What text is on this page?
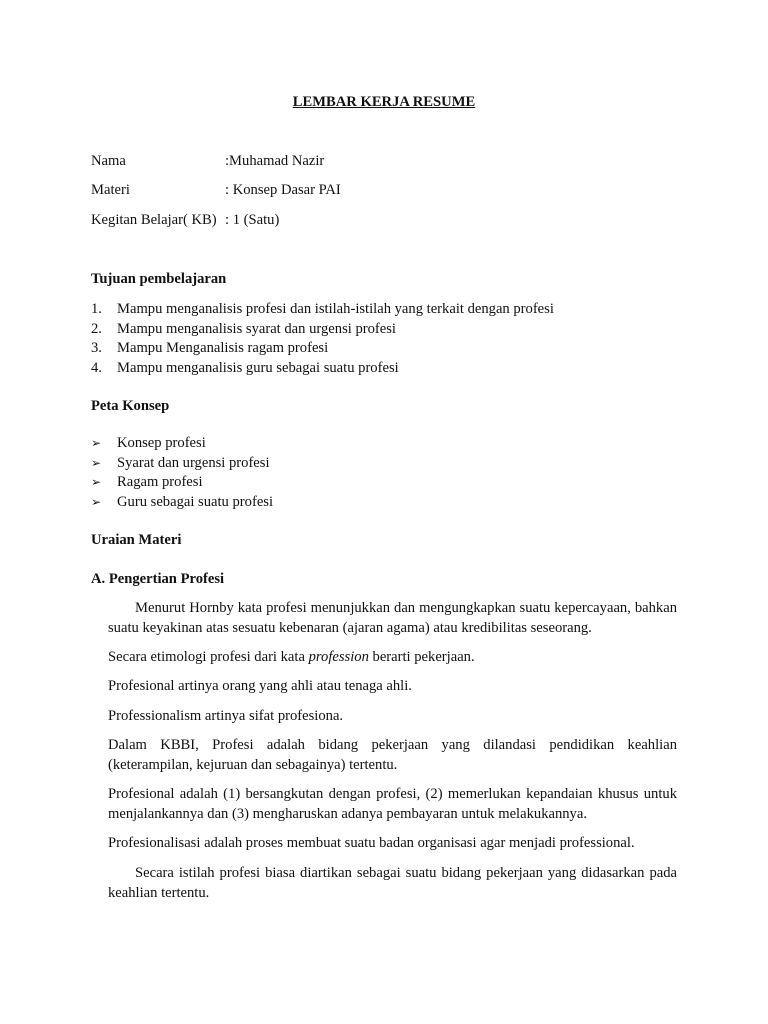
LEMBAR KERJA RESUME
Nama	:Muhamad Nazir
Materi	: Konsep Dasar PAI
Kegitan Belajar( KB) : 1 (Satu)
Tujuan pembelajaran
1. Mampu menganalisis profesi dan istilah-istilah yang terkait dengan profesi
2. Mampu menganalisis syarat dan urgensi profesi
3. Mampu Menganalisis ragam profesi
4. Mampu menganalisis guru sebagai suatu profesi
Peta Konsep
➢ Konsep profesi
➢ Syarat dan urgensi profesi
➢ Ragam profesi
➢ Guru sebagai suatu profesi
Uraian Materi
A. Pengertian Profesi

Menurut Hornby kata profesi menunjukkan dan mengungkapkan suatu kepercayaan, bahkan suatu keyakinan atas sesuatu kebenaran (ajaran agama) atau kredibilitas seseorang.

Secara etimologi profesi dari kata profession berarti pekerjaan.

Profesional artinya orang yang ahli atau tenaga ahli.

Professionalism artinya sifat profesiona.

Dalam KBBI, Profesi adalah bidang pekerjaan yang dilandasi pendidikan keahlian (keterampilan, kejuruan dan sebagainya) tertentu.

Profesional adalah (1) bersangkutan dengan profesi, (2) memerlukan kepandaian khusus untuk menjalankannya dan (3) mengharuskan adanya pembayaran untuk melakukannya.

Profesionalisasi adalah proses membuat suatu badan organisasi agar menjadi professional.

Secara istilah profesi biasa diartikan sebagai suatu bidang pekerjaan yang didasarkan pada keahlian tertentu.
